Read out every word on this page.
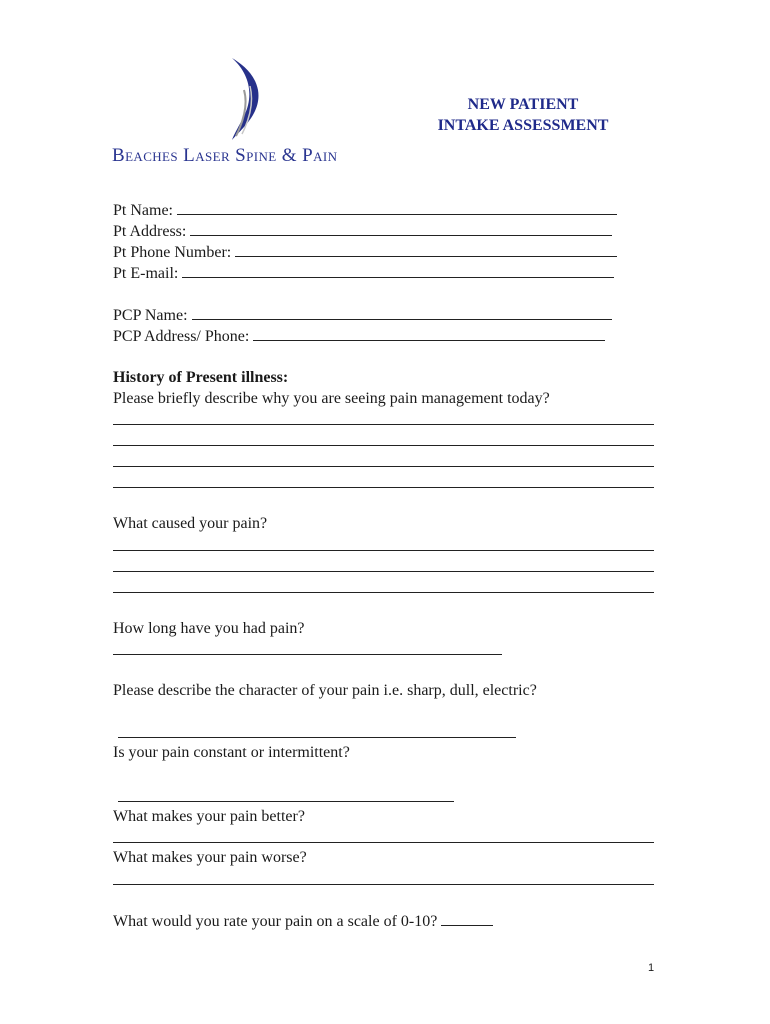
Beaches Laser Spine & Pain
NEW PATIENT
INTAKE ASSESSMENT
Pt Name:
Pt Address:
Pt Phone Number:
Pt E-mail:
PCP Name:
PCP Address/ Phone:
History of Present illness:
Please briefly describe why you are seeing pain management today?
What caused your pain?
How long have you had pain?
Please describe the character of your pain i.e. sharp, dull, electric?
Is your pain constant or intermittent?
What makes your pain better?
What makes your pain worse?
What would you rate your pain on a scale of 0-10?
1
